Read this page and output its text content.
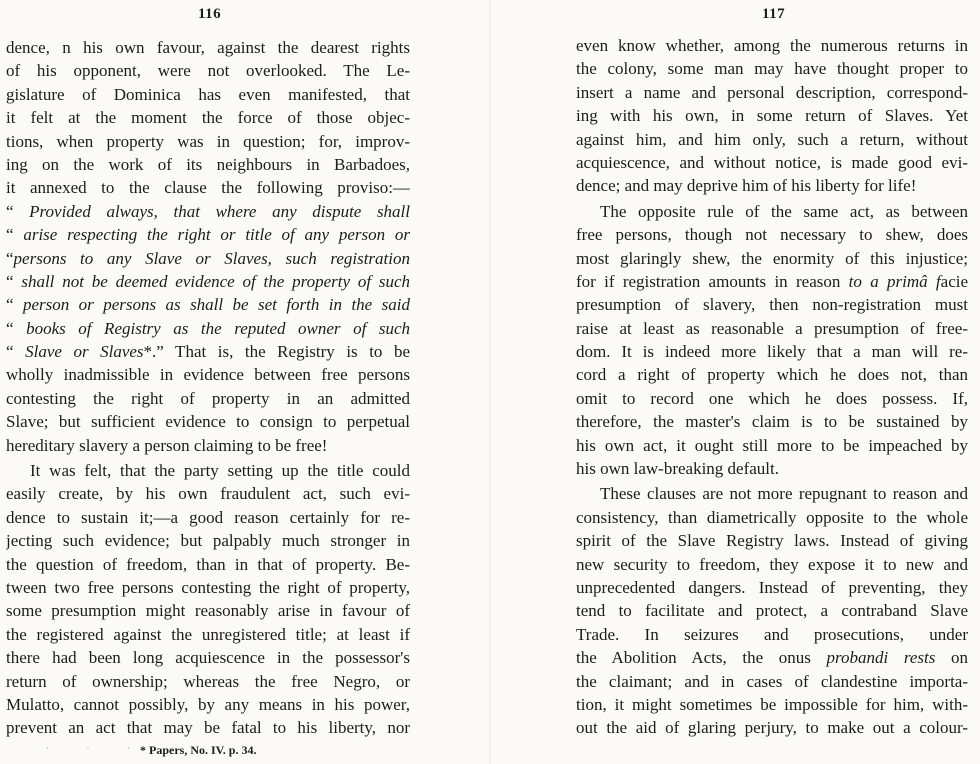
116
dence, n his own favour, against the dearest rights
of his opponent, were not overlooked. The Le-
gislature of Dominica has even manifested, that
it felt at the moment the force of those objec-
tions, when property was in question; for, improv-
ing on the work of its neighbours in Barbadoes,
it annexed to the clause the following proviso:—
“ Provided always, that where any dispute shall
“ arise respecting the right or title of any person or
“persons to any Slave or Slaves, such registration
“ shall not be deemed evidence of the property of such
“ person or persons as shall be set forth in the said
“ books of Registry as the reputed owner of such
“ Slave or Slaves*.” That is, the Registry is to be
wholly inadmissible in evidence between free persons
contesting the right of property in an admitted
Slave; but sufficient evidence to consign to perpetual
hereditary slavery a person claiming to be free!
It was felt, that the party setting up the title could
easily create, by his own fraudulent act, such evi-
dence to sustain it;—a good reason certainly for re-
jecting such evidence; but palpably much stronger in
the question of freedom, than in that of property. Be-
tween two free persons contesting the right of property,
some presumption might reasonably arise in favour of
the registered against the unregistered title; at least if
there had been long acquiescence in the possessor's
return of ownership; whereas the free Negro, or
Mulatto, cannot possibly, by any means in his power,
prevent an act that may be fatal to his liberty, nor
· · ·
* Papers, No. IV. p. 34.
117
even know whether, among the numerous returns in
the colony, some man may have thought proper to
insert a name and personal description, correspond-
ing with his own, in some return of Slaves. Yet
against him, and him only, such a return, without
acquiescence, and without notice, is made good evi-
dence; and may deprive him of his liberty for life!
The opposite rule of the same act, as between
free persons, though not necessary to shew, does
most glaringly shew, the enormity of this injustice;
for if registration amounts in reason to a primâ facie
presumption of slavery, then non-registration must
raise at least as reasonable a presumption of free-
dom. It is indeed more likely that a man will re-
cord a right of property which he does not, than
omit to record one which he does possess. If,
therefore, the master's claim is to be sustained by
his own act, it ought still more to be impeached by
his own law-breaking default.
These clauses are not more repugnant to reason and
consistency, than diametrically opposite to the whole
spirit of the Slave Registry laws. Instead of giving
new security to freedom, they expose it to new and
unprecedented dangers. Instead of preventing, they
tend to facilitate and protect, a contraband Slave
Trade. In seizures and prosecutions, under
the Abolition Acts, the onus probandi rests on
the claimant; and in cases of clandestine importa-
tion, it might sometimes be impossible for him, with-
out the aid of glaring perjury, to make out a colour-
